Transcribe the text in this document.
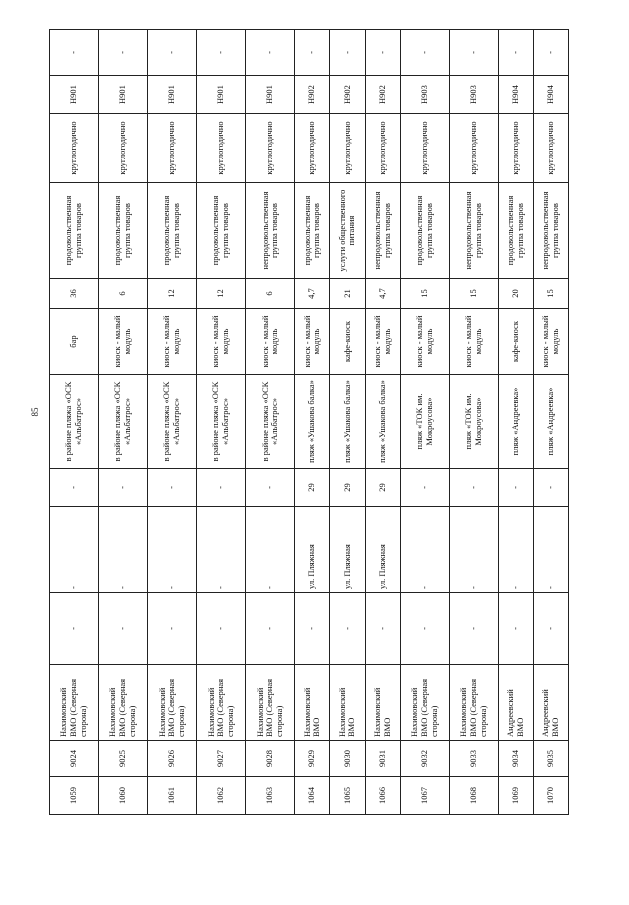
85
1059	9024	Нахимовский ВМО (Северная сторона)	-	-	-	в районе пляжа «ОСК «Альбатрос»	бар	36	продовольственная группа товаров	круглогодично	Н901	-
1060	9025	Нахимовский ВМО (Северная сторона)	-	-	-	в районе пляжа «ОСК «Альбатрос»	киоск - малый модуль	6	продовольственная группа товаров	круглогодично	Н901	-
1061	9026	Нахимовский ВМО (Северная сторона)	-	-	-	в районе пляжа «ОСК «Альбатрос»	киоск - малый модуль	12	продовольственная группа товаров	круглогодично	Н901	-
1062	9027	Нахимовский ВМО (Северная сторона)	-	-	-	в районе пляжа «ОСК «Альбатрос»	киоск - малый модуль	12	продовольственная группа товаров	круглогодично	Н901	-
1063	9028	Нахимовский ВМО (Северная сторона)	-	-	-	в районе пляжа «ОСК «Альбатрос»	киоск - малый модуль	6	непродовольственная группа товаров	круглогодично	Н901	-
1064	9029	Нахимовский ВМО	-	ул. Пляжная	29	пляж «Ушакова балка»	киоск - малый модуль	4,7	продовольственная группа товаров	круглогодично	Н902	-
1065	9030	Нахимовский ВМО	-	ул. Пляжная	29	пляж «Ушакова балка»	кафе-киоск	21	услуги общественного питания	круглогодично	Н902	-
1066	9031	Нахимовский ВМО	-	ул. Пляжная	29	пляж «Ушакова балка»	киоск - малый модуль	4,7	непродовольственная группа товаров	круглогодично	Н902	-
1067	9032	Нахимовский ВМО (Северная сторона)	-	-	-	пляж «ТОК им. Мокроусова»	киоск - малый модуль	15	продовольственная группа товаров	круглогодично	Н903	-
1068	9033	Нахимовский ВМО (Северная сторона)	-	-	-	пляж «ТОК им. Мокроусова»	киоск - малый модуль	15	непродовольственная группа товаров	круглогодично	Н903	-
1069	9034	Андреевский ВМО	-	-	-	пляж «Андреевка»	кафе-киоск	20	продовольственная группа товаров	круглогодично	Н904	-
1070	9035	Андреевский ВМО	-	-	-	пляж «Андреевка»	киоск - малый модуль	15	непродовольственная группа товаров	круглогодично	Н904	-
